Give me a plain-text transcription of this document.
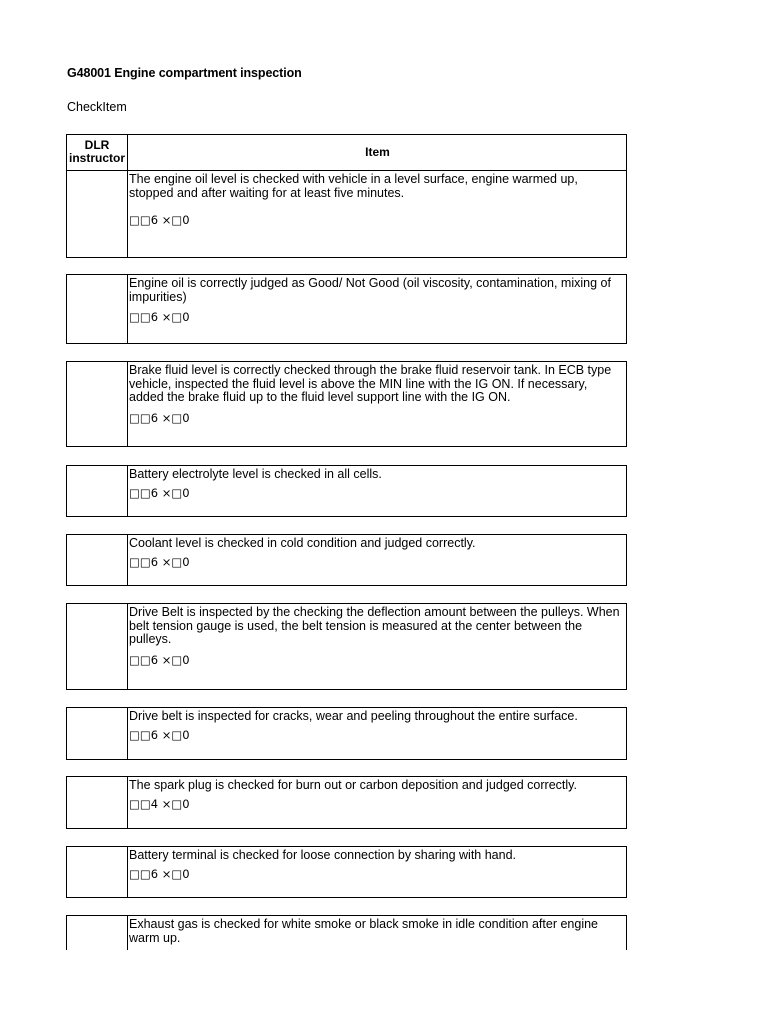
G48001 Engine compartment inspection
CheckItem
DLR instructor	Item

The engine oil level is checked with vehicle in a level surface, engine warmed up, stopped and after waiting for at least five minutes.

□□6 ×□0

Engine oil is correctly judged as Good/ Not Good (oil viscosity, contamination, mixing of impurities)

□□6 ×□0

Brake fluid level is correctly checked through the brake fluid reservoir tank. In ECB type vehicle, inspected the fluid level is above the MIN line with the IG ON. If necessary, added the brake fluid up to the fluid level support line with the IG ON.

□□6 ×□0

Battery electrolyte level is checked in all cells.

□□6 ×□0

Coolant level is checked in cold condition and judged correctly.

□□6 ×□0

Drive Belt is inspected by the checking the deflection amount between the pulleys. When belt tension gauge is used, the belt tension is measured at the center between the pulleys.

□□6 ×□0

Drive belt is inspected for cracks, wear and peeling throughout the entire surface.

□□6 ×□0

The spark plug is checked for burn out or carbon deposition and judged correctly.

□□4 ×□0

Battery terminal is checked for loose connection by sharing with hand.

□□6 ×□0

Exhaust gas is checked for white smoke or black smoke in idle condition after engine warm up.
